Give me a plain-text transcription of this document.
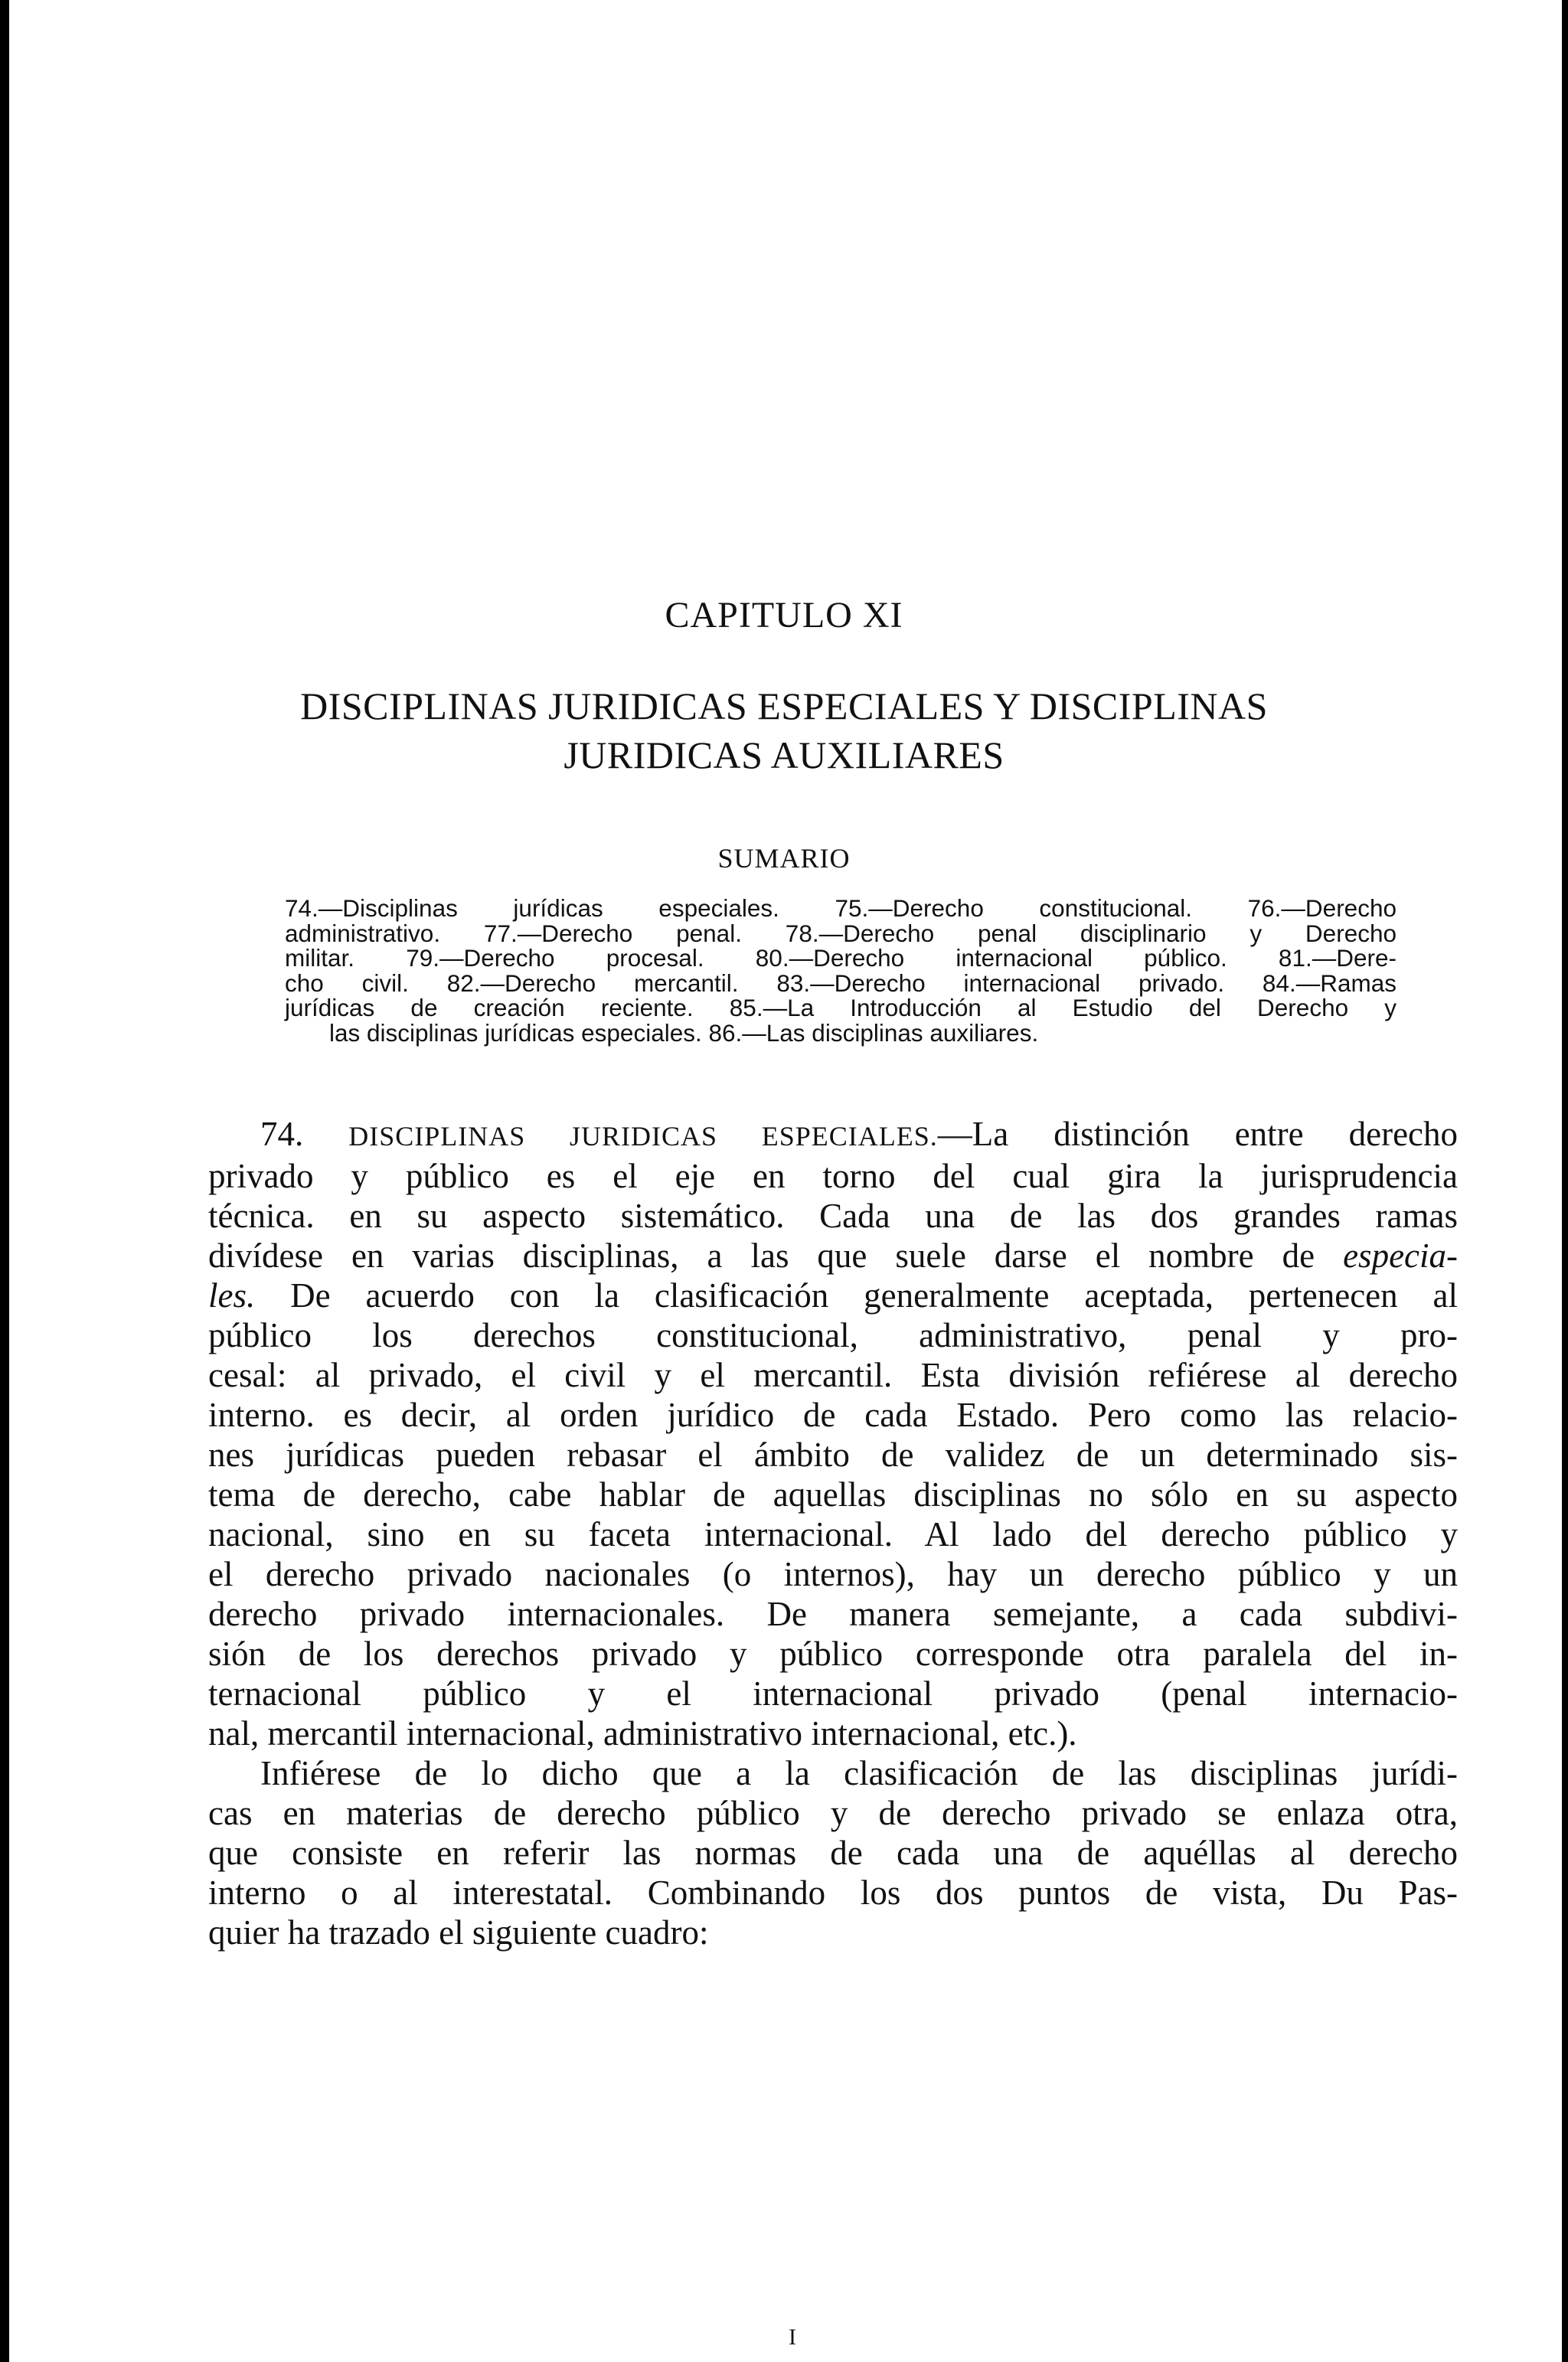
CAPITULO XI
DISCIPLINAS JURIDICAS ESPECIALES Y DISCIPLINAS
JURIDICAS AUXILIARES
SUMARIO
74.—Disciplinas jurídicas especiales. 75.—Derecho constitucional. 76.—Derecho
administrativo. 77.—Derecho penal. 78.—Derecho penal disciplinario y Derecho
militar. 79.—Derecho procesal. 80.—Derecho internacional público. 81.—Dere-
cho civil. 82.—Derecho mercantil. 83.—Derecho internacional privado. 84.—Ramas
jurídicas de creación reciente. 85.—La Introducción al Estudio del Derecho y
las disciplinas jurídicas especiales. 86.—Las disciplinas auxiliares.
74. DISCIPLINAS JURIDICAS ESPECIALES.—La distinción entre derecho
privado y público es el eje en torno del cual gira la jurisprudencia
técnica. en su aspecto sistemático. Cada una de las dos grandes ramas
divídese en varias disciplinas, a las que suele darse el nombre de especia-
les. De acuerdo con la clasificación generalmente aceptada, pertenecen al
público los derechos constitucional, administrativo, penal y pro-
cesal: al privado, el civil y el mercantil. Esta división refiérese al derecho
interno. es decir, al orden jurídico de cada Estado. Pero como las relacio-
nes jurídicas pueden rebasar el ámbito de validez de un determinado sis-
tema de derecho, cabe hablar de aquellas disciplinas no sólo en su aspecto
nacional, sino en su faceta internacional. Al lado del derecho público y
el derecho privado nacionales (o internos), hay un derecho público y un
derecho privado internacionales. De manera semejante, a cada subdivi-
sión de los derechos privado y público corresponde otra paralela del in-
ternacional público y el internacional privado (penal internacio-
nal, mercantil internacional, administrativo internacional, etc.).
Infiérese de lo dicho que a la clasificación de las disciplinas jurídi-
cas en materias de derecho público y de derecho privado se enlaza otra,
que consiste en referir las normas de cada una de aquéllas al derecho
interno o al interestatal. Combinando los dos puntos de vista, Du Pas-
quier ha trazado el siguiente cuadro:
I
